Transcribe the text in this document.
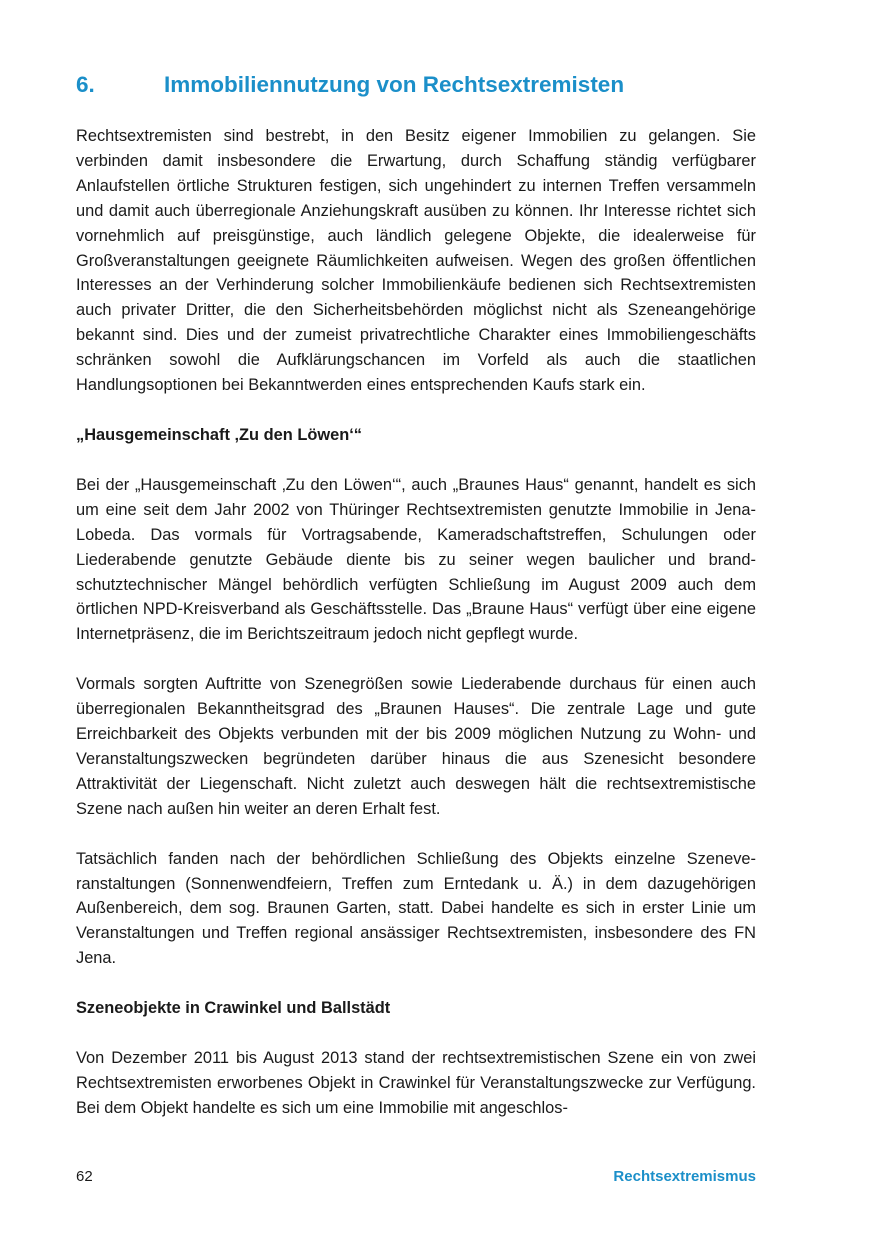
6.	Immobiliennutzung von Rechtsextremisten

Rechtsextremisten sind bestrebt, in den Besitz eigener Immobilien zu gelangen. Sie verbinden damit insbesondere die Erwartung, durch Schaffung ständig verfügbarer Anlaufstellen örtliche Strukturen festigen, sich ungehindert zu internen Treffen versammeln und damit auch überregionale Anziehungskraft ausüben zu können. Ihr Interesse richtet sich vornehmlich auf preisgünstige, auch ländlich gelegene Objekte, die idealerweise für Großveranstaltungen geeignete Räumlichkeiten aufweisen. Wegen des großen öffentlichen Interesses an der Verhinderung solcher Immobilienkäufe bedienen sich Rechtsextremisten auch privater Dritter, die den Sicherheitsbehörden möglichst nicht als Szeneangehörige bekannt sind. Dies und der zumeist privatrechtliche Charakter eines Immobiliengeschäfts schränken sowohl die Aufklärungschancen im Vorfeld als auch die staatlichen Handlungsoptionen bei Bekanntwerden eines entsprechenden Kaufs stark ein.

„Hausgemeinschaft ‚Zu den Löwen‘“

Bei der „Hausgemeinschaft ‚Zu den Löwen‘“, auch „Braunes Haus“ genannt, handelt es sich um eine seit dem Jahr 2002 von Thüringer Rechtsextremisten genutzte Immobilie in Jena-Lobeda. Das vormals für Vortragsabende, Kameradschaftstreffen, Schulungen oder Liederabende genutzte Gebäude diente bis zu seiner wegen baulicher und brandschutztechnischer Mängel behördlich verfügten Schließung im August 2009 auch dem örtlichen NPD-Kreisverband als Geschäftsstelle. Das „Braune Haus“ verfügt über eine eigene Internetpräsenz, die im Berichtszeitraum jedoch nicht gepflegt wurde.

Vormals sorgten Auftritte von Szenegrößen sowie Liederabende durchaus für einen auch überregionalen Bekanntheitsgrad des „Braunen Hauses“. Die zentrale Lage und gute Erreichbarkeit des Objekts verbunden mit der bis 2009 möglichen Nutzung zu Wohn- und Veranstaltungszwecken begründeten darüber hinaus die aus Szenesicht besondere Attraktivität der Liegenschaft. Nicht zuletzt auch deswegen hält die rechtsextremistische Szene nach außen hin weiter an deren Erhalt fest.

Tatsächlich fanden nach der behördlichen Schließung des Objekts einzelne Szeneveranstaltungen (Sonnenwendfeiern, Treffen zum Erntedank u. Ä.) in dem dazugehörigen Außenbereich, dem sog. Braunen Garten, statt. Dabei handelte es sich in erster Linie um Veranstaltungen und Treffen regional ansässiger Rechtsextremisten, insbesondere des FN Jena.

Szeneobjekte in Crawinkel und Ballstädt

Von Dezember 2011 bis August 2013 stand der rechtsextremistischen Szene ein von zwei Rechtsextremisten erworbenes Objekt in Crawinkel für Veranstaltungszwecke zur Verfügung. Bei dem Objekt handelte es sich um eine Immobilie mit angeschlos-

62	Rechtsextremismus
